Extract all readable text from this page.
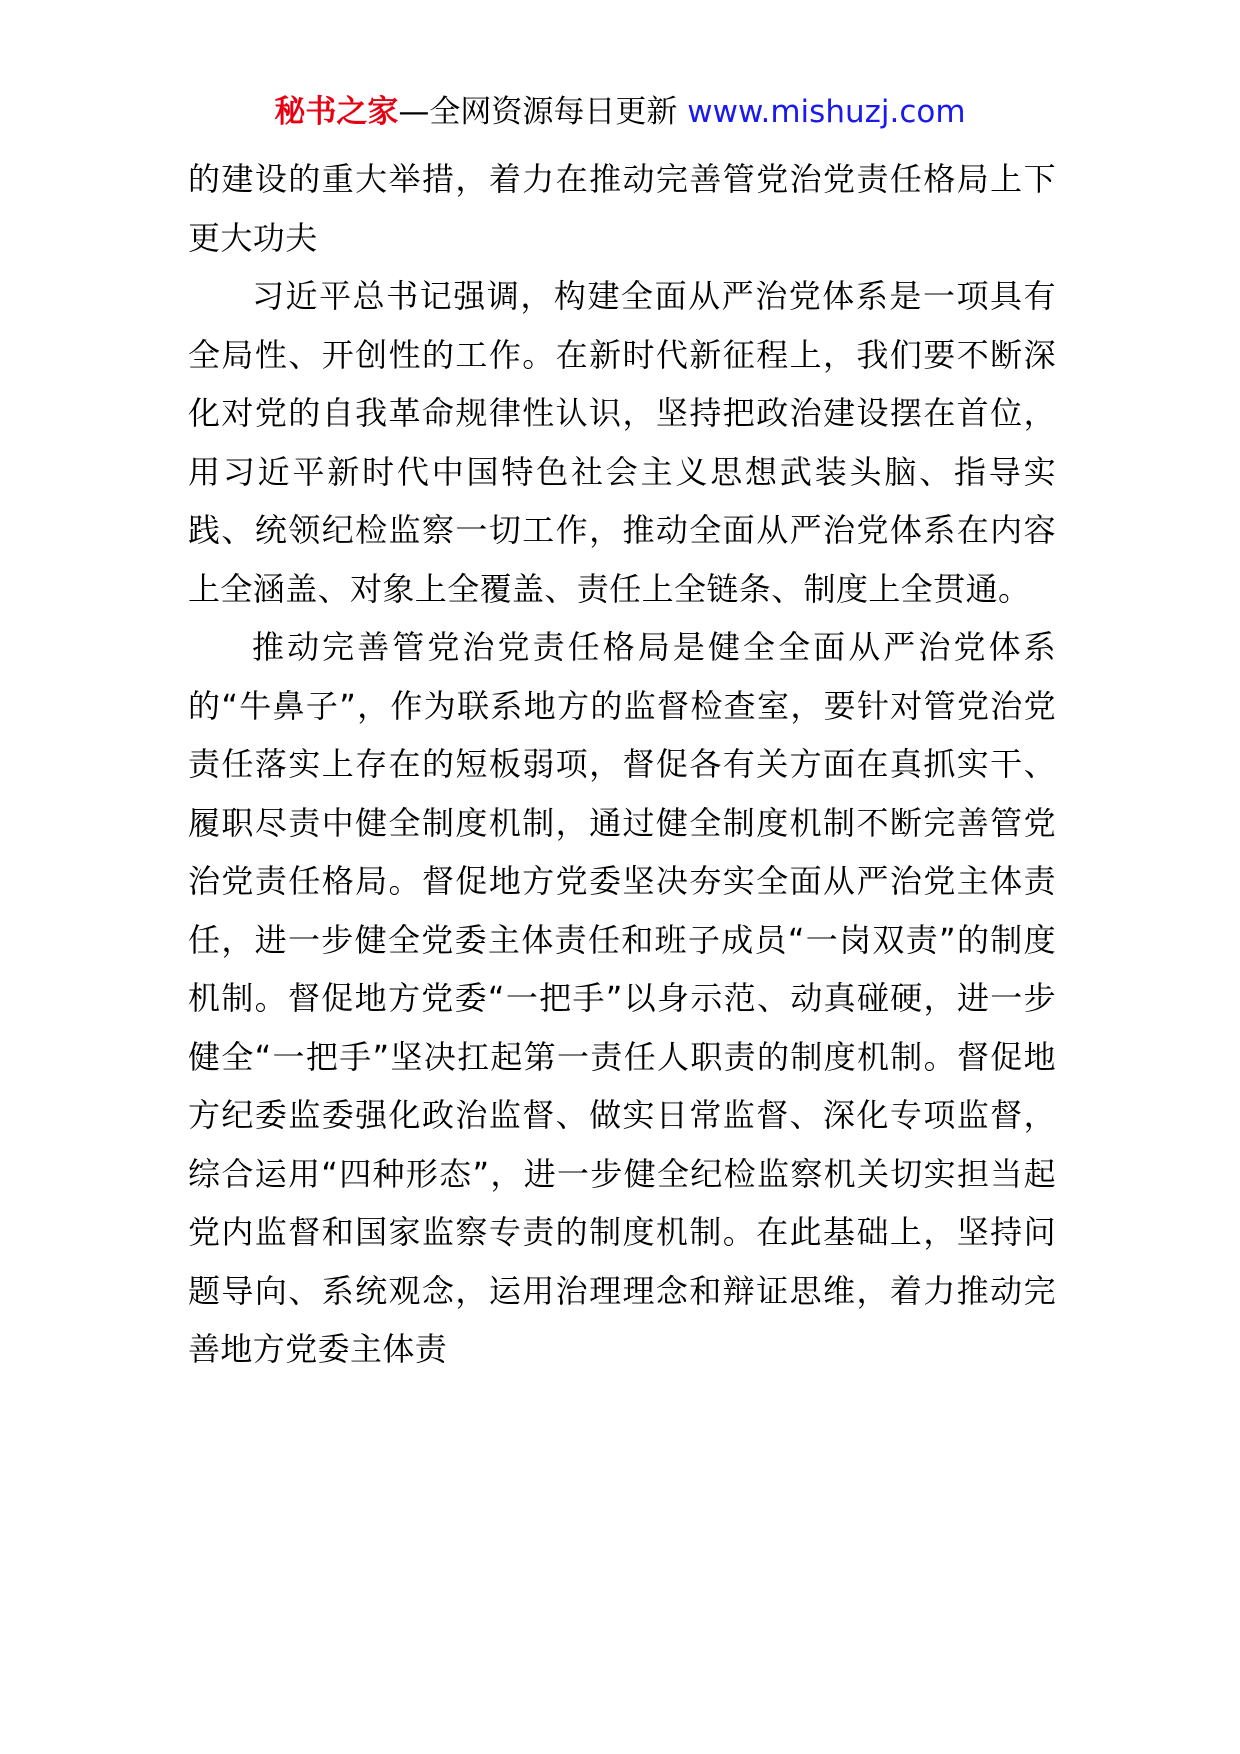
秘书之家—全网资源每日更新 www.mishuzj.com

的建设的重大举措，着力在推动完善管党治党责任格局上下更大功夫

习近平总书记强调，构建全面从严治党体系是一项具有全局性、开创性的工作。在新时代新征程上，我们要不断深化对党的自我革命规律性认识，坚持把政治建设摆在首位，用习近平新时代中国特色社会主义思想武装头脑、指导实践、统领纪检监察一切工作，推动全面从严治党体系在内容上全涵盖、对象上全覆盖、责任上全链条、制度上全贯通。

推动完善管党治党责任格局是健全全面从严治党体系的“牛鼻子”，作为联系地方的监督检查室，要针对管党治党责任落实上存在的短板弱项，督促各有关方面在真抓实干、履职尽责中健全制度机制，通过健全制度机制不断完善管党治党责任格局。督促地方党委坚决夯实全面从严治党主体责任，进一步健全党委主体责任和班子成员“一岗双责”的制度机制。督促地方党委“一把手”以身示范、动真碰硬，进一步健全“一把手”坚决扛起第一责任人职责的制度机制。督促地方纪委监委强化政治监督、做实日常监督、深化专项监督，综合运用“四种形态”，进一步健全纪检监察机关切实担当起党内监督和国家监察专责的制度机制。在此基础上，坚持问题导向、系统观念，运用治理理念和辩证思维，着力推动完善地方党委主体责
